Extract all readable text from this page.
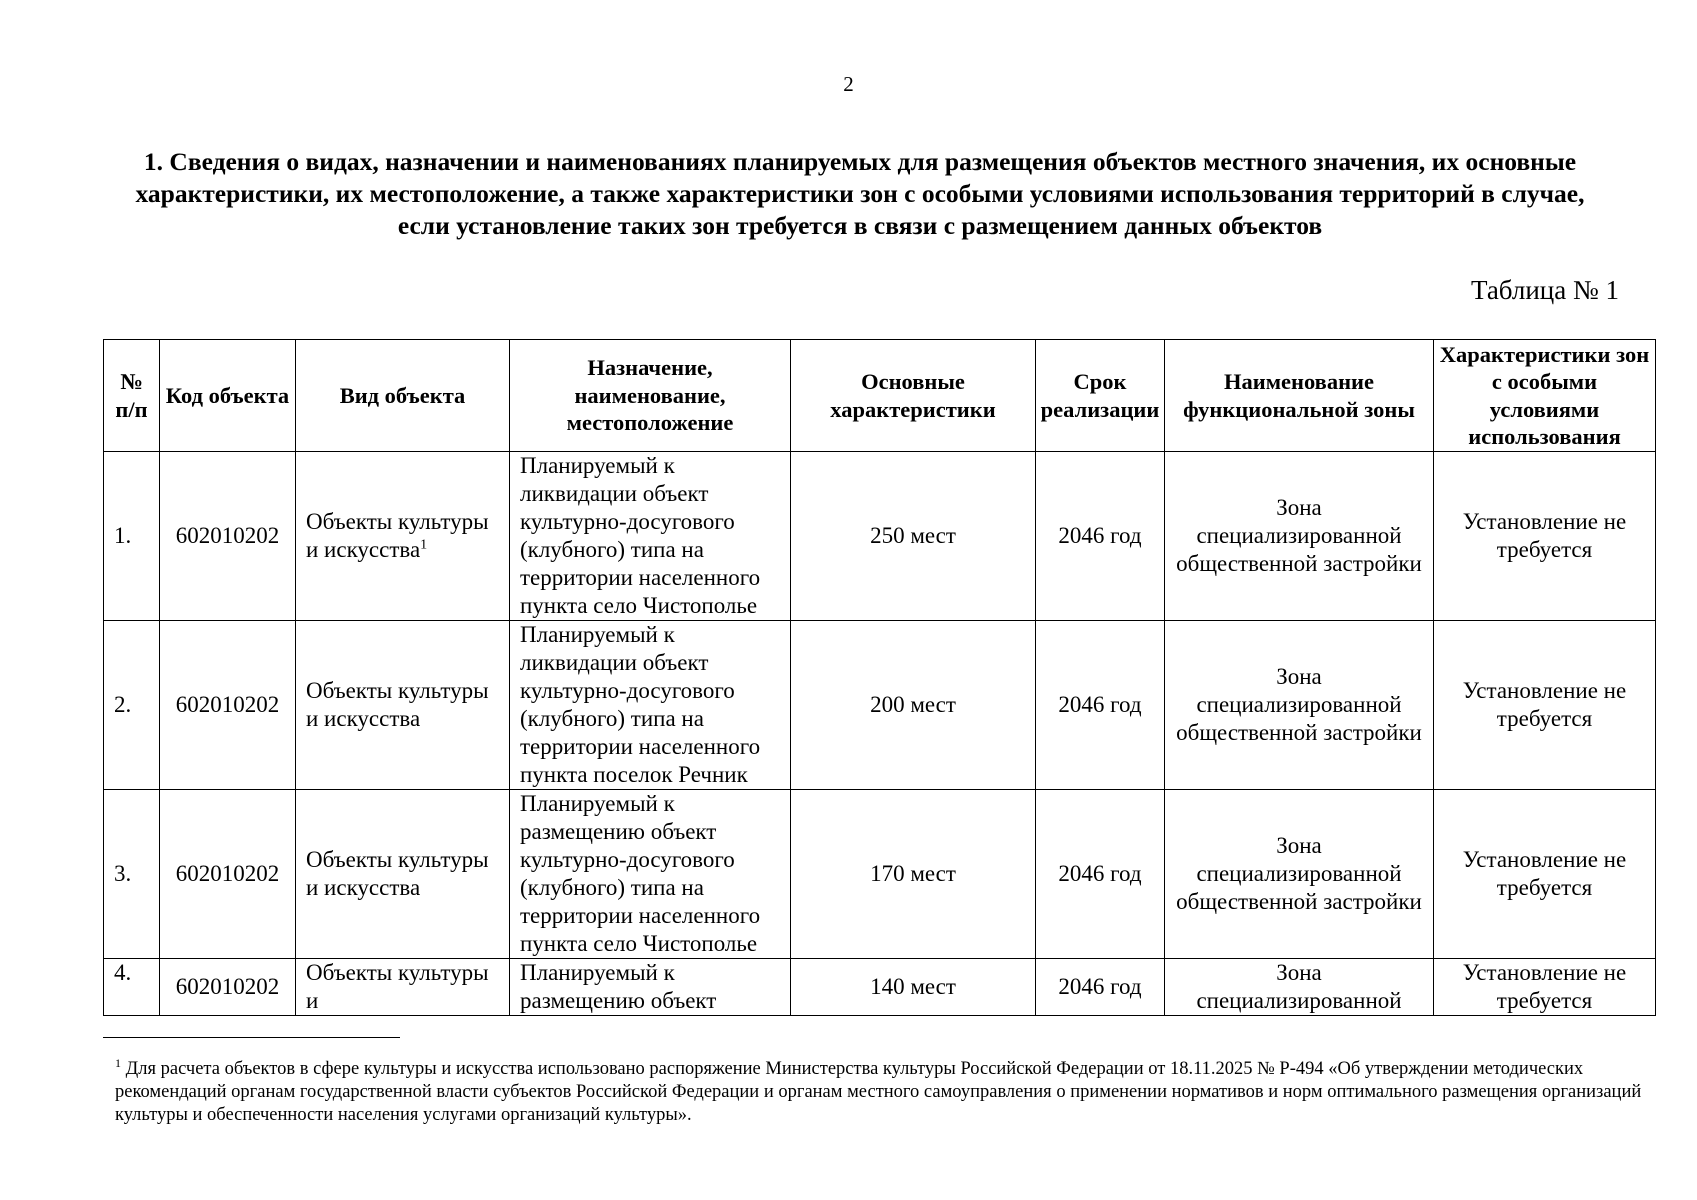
2
1. Сведения о видах, назначении и наименованиях планируемых для размещения объектов местного значения, их основные характеристики, их местоположение, а также характеристики зон с особыми условиями использования территорий в случае, если установление таких зон требуется в связи с размещением данных объектов
Таблица № 1
№ п/п	Код объекта	Вид объекта	Назначение, наименование, местоположение	Основные характеристики	Срок реализации	Наименование функциональной зоны	Характеристики зон с особыми условиями использования
1.	602010202	Объекты культуры и искусства$^1$	Планируемый к ликвидации объект культурно-досугового (клубного) типа на территории населенного пункта село Чистополье	250 мест	2046 год	Зона специализированной общественной застройки	Установление не требуется
2.	602010202	Объекты культуры и искусства	Планируемый к ликвидации объект культурно-досугового (клубного) типа на территории населенного пункта поселок Речник	200 мест	2046 год	Зона специализированной общественной застройки	Установление не требуется
3.	602010202	Объекты культуры и искусства	Планируемый к размещению объект культурно-досугового (клубного) типа на территории населенного пункта село Чистополье	170 мест	2046 год	Зона специализированной общественной застройки	Установление не требуется
4.	602010202	Объекты культуры и	Планируемый к размещению объект	140 мест	2046 год	Зона специализированной	Установление не требуется
$^1$ Для расчета объектов в сфере культуры и искусства использовано распоряжение Министерства культуры Российской Федерации от 18.11.2025 № Р-494 «Об утверждении методических рекомендаций органам государственной власти субъектов Российской Федерации и органам местного самоуправления о применении нормативов и норм оптимального размещения организаций культуры и обеспеченности населения услугами организаций культуры».
